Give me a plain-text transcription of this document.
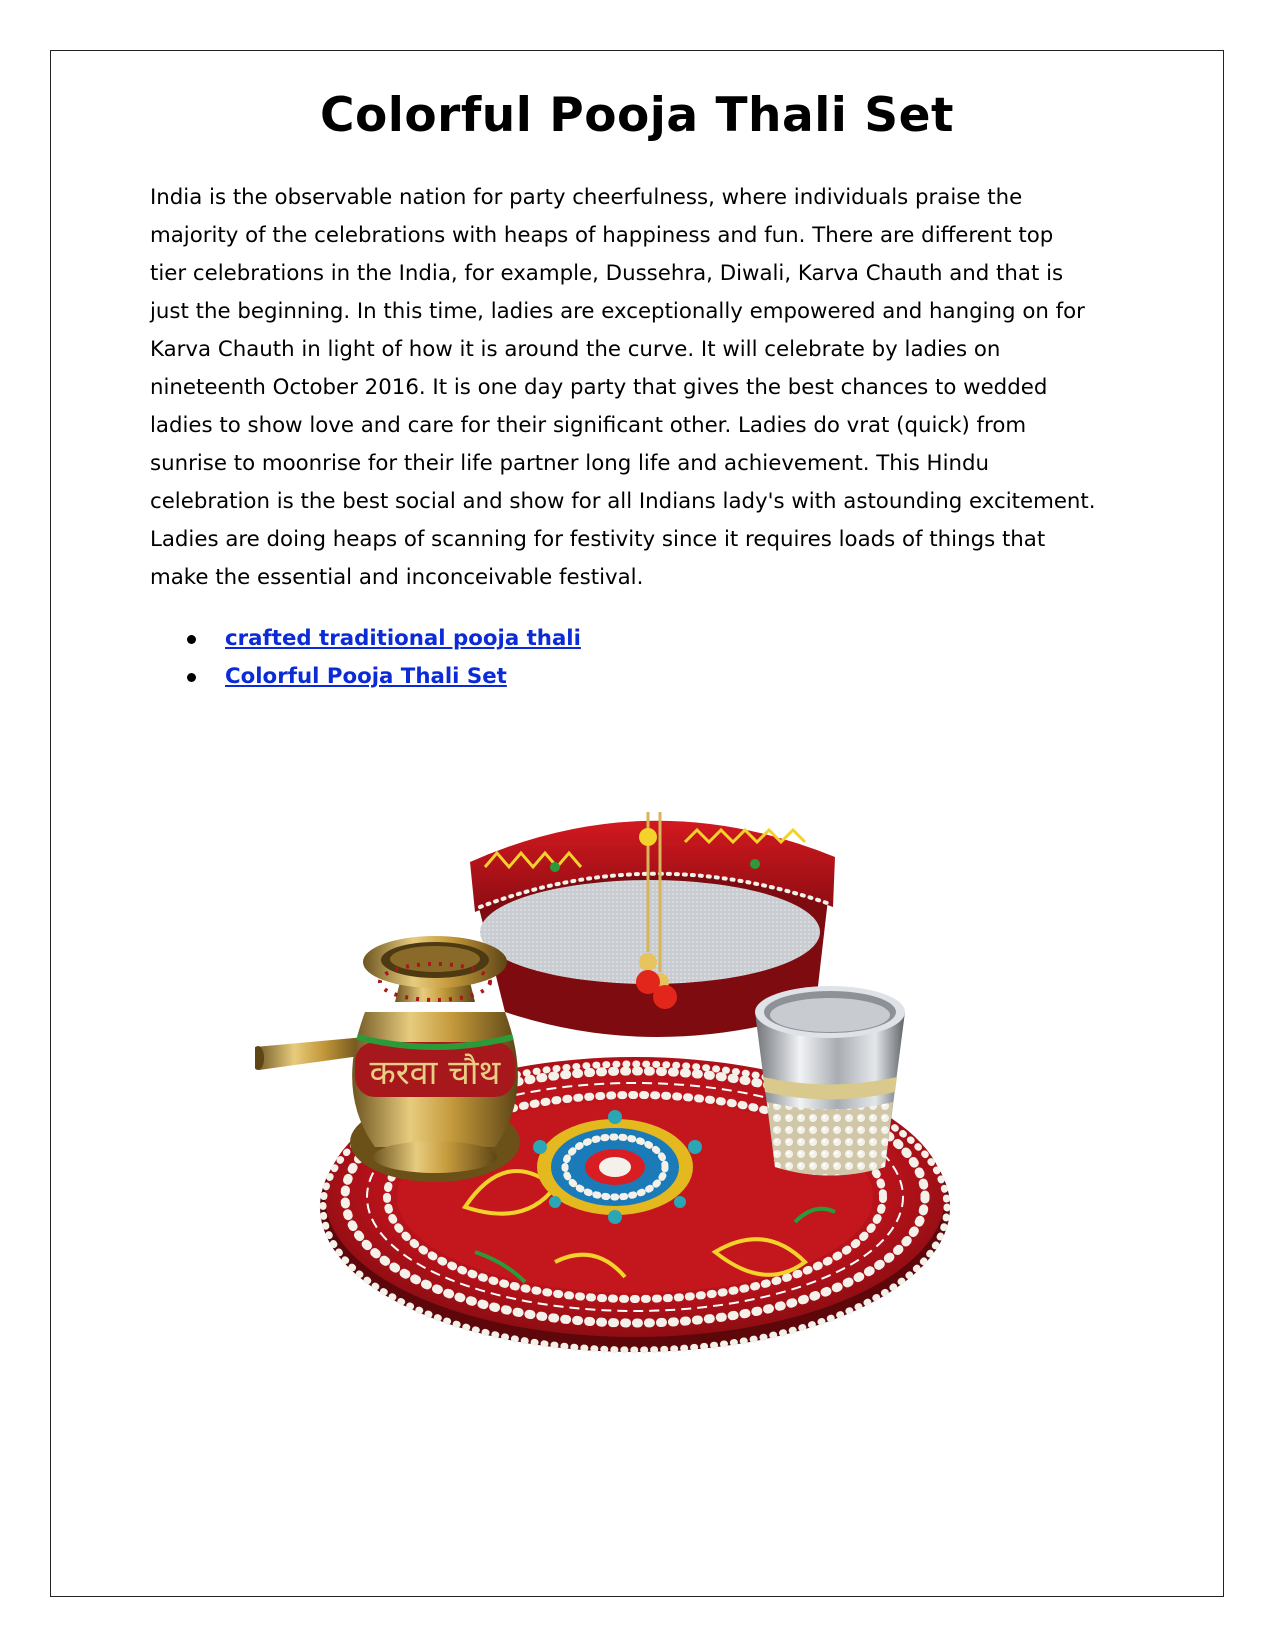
Colorful Pooja Thali Set

India is the observable nation for party cheerfulness, where individuals praise the
majority of the celebrations with heaps of happiness and fun. There are different top
tier celebrations in the India, for example, Dussehra, Diwali, Karva Chauth and that is
just the beginning. In this time, ladies are exceptionally empowered and hanging on for
Karva Chauth in light of how it is around the curve. It will celebrate by ladies on
nineteenth October 2016. It is one day party that gives the best chances to wedded
ladies to show love and care for their significant other. Ladies do vrat (quick) from
sunrise to moonrise for their life partner long life and achievement. This Hindu
celebration is the best social and show for all Indians lady's with astounding excitement.
Ladies are doing heaps of scanning for festivity since it requires loads of things that
make the essential and inconceivable festival.

crafted traditional pooja thali
Colorful Pooja Thali Set
करवा चौथ
